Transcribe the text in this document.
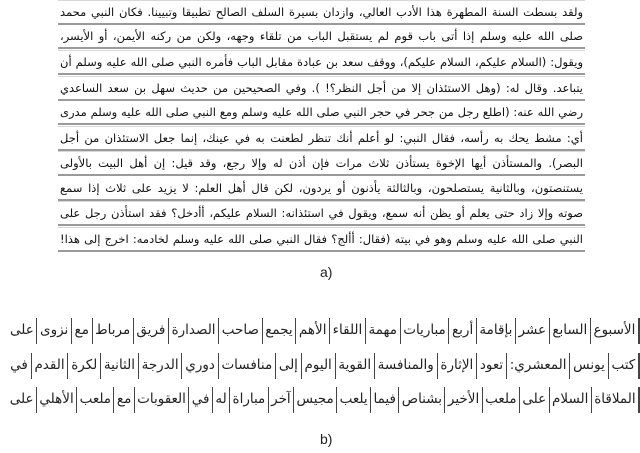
ولقد بسطت السنة المطهرة هذا الأدب العالي، وازدان بسيرة السلف الصالح تطبيقا وتبيينا. فكان النبي محمد
صلى الله عليه وسلم إذا أتى باب قوم لم يستقبل الباب من تلقاء وجهه، ولكن من ركنه الأيمن، أو الأيسر،
ويقول: (السلام عليكم، السلام عليكم)، ووقف سعد بن عبادة مقابل الباب فأمره النبي صلى الله عليه وسلم أن
يتباعد. وقال له: (وهل الاستئذان إلا من أجل النظر؟! ). وفي الصحيحين من حديث سهل بن سعد الساعدي
رضي الله عنه: (اطلع رجل من جحر في حجر النبي صلى الله عليه وسلم ومع النبي صلى الله عليه وسلم مدرى
أي: مشط يحك به رأسه، فقال النبي: لو أعلم أنك تنظر لطعنت به في عينك، إنما جعل الاستئذان من أجل
البصر). والمستأذن أيها الإخوة يستأذن ثلاث مرات فإن أذن له وإلا رجع، وقد قيل: إن أهل البيت بالأولى
يستنصتون، وبالثانية يستصلحون، وبالثالثة يأذنون أو يردون، لكن قال أهل العلم: لا يزيد على ثلاث إذا سمع
صوته وإلا زاد حتى يعلم أو يظن أنه سمع، ويقول في استئذانه: السلام عليكم، أأدخل؟ فقد استأذن رجل على
النبي صلى الله عليه وسلم وهو في بيته (فقال: أألج؟ فقال النبي صلى الله عليه وسلم لخادمه: اخرج إلى هذا!
a)
الأسبوع
السابع
عشر
بإقامة
أربع
مباريات
مهمة
اللقاء
الأهم
يجمع
صاحب
الصدارة
فريق
مرباط
مع
نزوى
على
كتب
يونس
المعشري:
تعود
الإثارة
والمنافسة
القوية
اليوم
إلى
منافسات
دوري
الدرجة
الثانية
لكرة
القدم
في
الملاقاة
السلام
على
ملعب
الأخير
بشناص
فيما
يلعب
مجيس
آخر
مباراة
له
في
العقوبات
مع
ملعب
الأهلي
على
b)
